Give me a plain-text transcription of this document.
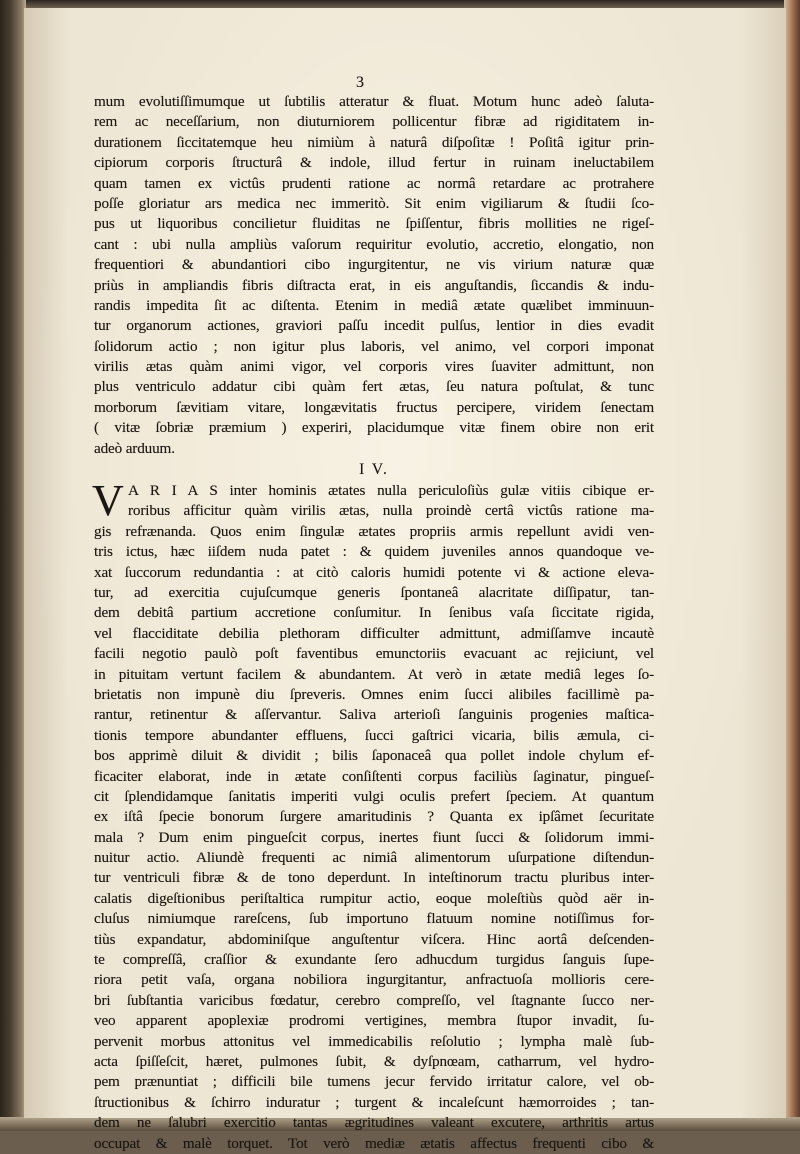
3
mum evolutiſſimumque ut ſubtilis atteratur & fluat. Motum hunc adeò ſalutа-
rem ac neceſſarium, non diuturniorem pollicentur fibræ ad rigiditatem in-
durationem ſiccitatemque heu nimiùm à naturâ diſpoſitæ ! Poſitâ igitur prin-
cipiorum corporis ſtructurâ & indole, illud fertur in ruinam ineluctabilem
quam tamen ex victûs prudenti ratione ac normâ retardare ac protrahere
poſſe gloriatur ars medica nec immeritò. Sit enim vigiliarum & ſtudii ſco-
pus ut liquoribus concilietur fluiditas ne ſpiſſentur, fibris mollities ne rigeſ-
cant : ubi nulla ampliùs vaſorum requiritur evolutio, accretio, elongatio, non
frequentiori & abundantiori cibo ingurgitentur, ne vis virium naturæ quæ
priùs in ampliandis fibris diſtracta erat, in eis anguſtandis, ſiccandis & indu-
randis impedita ſit ac diſtenta. Etenim in mediâ ætate quælibet imminuun-
tur organorum actiones, graviori paſſu incedit pulſus, lentior in dies evadit
ſolidorum actio ; non igitur plus laboris, vel animo, vel corpori imponat
virilis ætas quàm animi vigor, vel corporis vires ſuaviter admittunt, non
plus ventriculo addatur cibi quàm fert ætas, ſeu natura poſtulat, & tunc
morborum ſævitiam vitare, longævitatis fructus percipere, viridem ſenectam
( vitæ ſobriæ præmium ) experiri, placidumque vitæ finem obire non erit
adeò arduum.
I V.
V A R I A S inter hominis ætates nulla periculoſiùs gulæ vitiis cibique er-
roribus afficitur quàm virilis ætas, nulla proindè certâ victûs ratione ma-
gis refrænanda. Quos enim ſingulæ ætates propriis armis repellunt avidi ven-
tris ictus, hæc iiſdem nuda patet : & quidem juveniles annos quandoque ve-
xat ſuccorum redundantia : at citò caloris humidi potente vi & actione eleva-
tur, ad exercitia cujuſcumque generis ſpontaneâ alacritate diſſipatur, tan-
dem debitâ partium accretione conſumitur. In ſenibus vaſa ſiccitate rigida,
vel flacciditate debilia plethoram difficulter admittunt, admiſſamve incautè
facili negotio paulò poſt faventibus emunctoriis evacuant ac rejiciunt, vel
in pituitam vertunt facilem & abundantem. At verò in ætate mediâ leges ſo-
brietatis non impunè diu ſpreveris. Omnes enim ſucci alibiles facillimè pa-
rantur, retinentur & aſſervantur. Saliva arterioſi ſanguinis progenies maſtica-
tionis tempore abundanter effluens, ſucci gaſtrici vicaria, bilis æmula, ci-
bos apprimè diluit & dividit ; bilis ſaponaceâ qua pollet indole chylum ef-
ficaciter elaborat, inde in ætate conſiſtenti corpus faciliùs ſaginatur, pingueſ-
cit ſplendidamque ſanitatis imperiti vulgi oculis prefert ſpeciem. At quantum
ex iſtâ ſpecie bonorum ſurgere amaritudinis ? Quanta ex ipſâmet ſecuritate
mala ? Dum enim pingueſcit corpus, inertes fiunt ſucci & ſolidorum immi-
nuitur actio. Aliundè frequenti ac nimiâ alimentorum uſurpatione diſtendun-
tur ventriculi fibræ & de tono deperdunt. In inteſtinorum tractu pluribus inter-
calatis digeſtionibus periſtaltica rumpitur actio, eoque moleſtiùs quòd aër in-
cluſus nimiumque rareſcens, ſub importuno flatuum nomine notiſſimus for-
tiùs expandatur, abdominiſque anguſtentur viſcera. Hinc aortâ deſcenden-
te compreſſâ, craſſior & exundante ſero adhucdum turgidus ſanguis ſupe-
riora petit vaſa, organa nobiliora ingurgitantur, anfractuoſa mollioris cere-
bri ſubſtantia varicibus fœdatur, cerebro compreſſo, vel ſtagnante ſucco ner-
veo apparent apoplexiæ prodromi vertigines, membra ſtupor invadit, ſu-
pervenit morbus attonitus vel immedicabilis reſolutio ; lympha malè ſub-
acta ſpiſſeſcit, hæret, pulmones ſubit, & dyſpnœam, catharrum, vel hydro-
pem prænuntiat ; difficili bile tumens jecur fervido irritatur calore, vel ob-
ſtructionibus & ſchirro induratur ; turgent & incaleſcunt hæmorroides ; tan-
dem ne ſalubri exercitio tantas ægritudines valeant excutere, arthritis artus
occupat & malè torquet. Tot verò mediæ ætatis affectus frequenti cibo &
